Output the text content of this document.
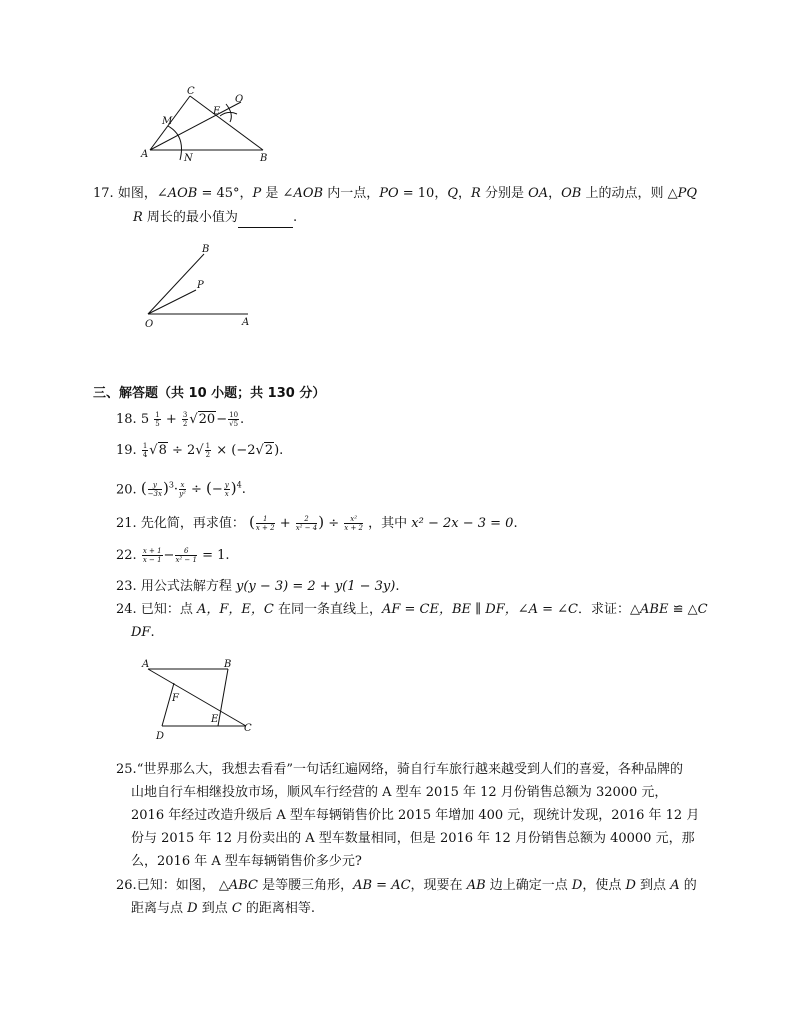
C
M
E
O
A	N	B
17. 如图，∠AOB = 45°，P 是 ∠AOB 内一点，PO = 10，Q，R 分别是 OA，OB 上的动点，则 △PQ
R 周长的最小值为	.
B
P
O	A
三、解答题（共 10 小题；共 130 分）
18. $5 \frac{1}{5} + \frac{3}{2} √20- \frac{10}{√5}$ .
19. $\frac{1}{4} √8 \div 2√ \frac{1}{2} \times (-2√2)$.
20. ( $\frac{y}{-3x} )^3\cdot \frac{x}{\text{y²}}$ ÷ (− $\frac{y}{x} )^4$.
21. 先化简，再求值： ( $\frac{1}{x + 2} + \frac{2}{\text{x² − 4}}$ ) ÷ $\frac{\text{x²}}{x + 2}$ ，其中 x² − 2x − 3 = 0.
22. $\frac{x + 1}{x - 1} - \frac{6}{\text{x² − 1}} = 1$.
23. 用公式法解方程 y(y − 3) = 2 + y(1 − 3y).
24. 已知：点 A，F，E，C 在同一条直线上，AF = CE，BE ∥ DF，∠A = ∠C．求证：△ABE ≌ △C
DF.
A	B
F
D
E
C
25.“世界那么大，我想去看看”一句话红遍网络，骑自行车旅行越来越受到人们的喜爱，各种品牌的
山地自行车相继投放市场，顺风车行经营的 A 型车 2015 年 12 月份销售总额为 32000 元，
2016 年经过改造升级后 A 型车每辆销售价比 2015 年增加 400 元，现统计发现，2016 年 12 月
份与 2015 年 12 月份卖出的 A 型车数量相同，但是 2016 年 12 月份销售总额为 40000 元，那
么，2016 年 A 型车每辆销售价多少元?
26.已知：如图， △ABC 是等腰三角形，AB = AC，现要在 AB 边上确定一点 D，使点 D 到点 A 的
距离与点 D 到点 C 的距离相等.
